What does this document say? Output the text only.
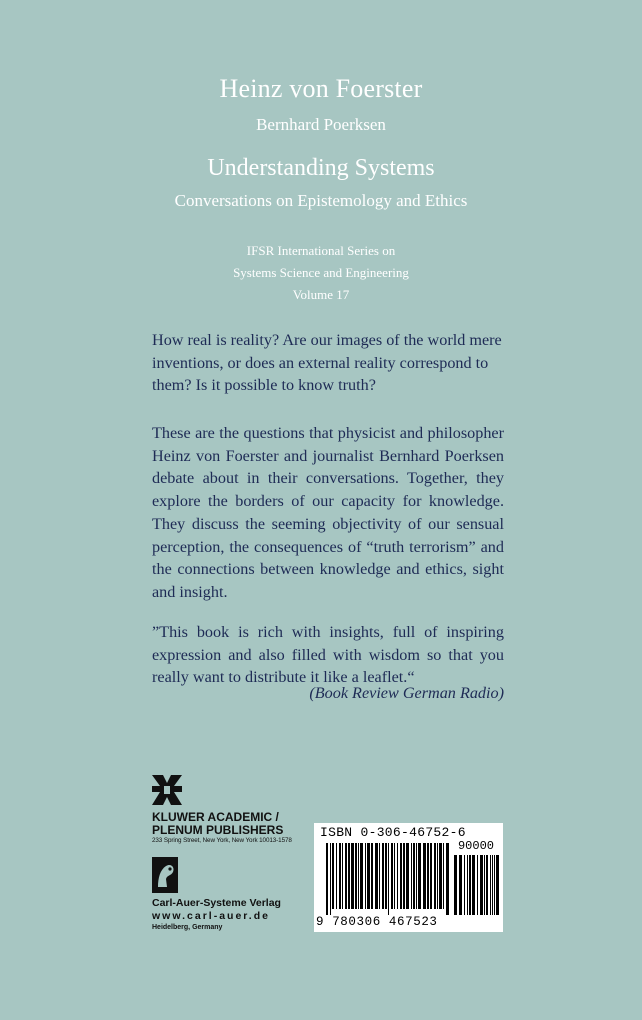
Heinz von Foerster
Bernhard Poerksen
Understanding Systems
Conversations on Epistemology and Ethics
IFSR International Series on
Systems Science and Engineering
Volume 17
How real is reality? Are our images of the world mere inventions, or does an external reality correspond to them? Is it possible to know truth?
These are the questions that physicist and philosopher Heinz von Foerster and journalist Bernhard Poerksen debate about in their conversations. Together, they explore the borders of our capacity for knowledge. They discuss the seeming objectivity of our sensual perception, the consequences of “truth terrorism” and the connections between knowledge and ethics, sight and insight.
”This book is rich with insights, full of inspiring expression and also filled with wisdom so that you really want to distribute it like a leaflet.“
(Book Review German Radio)
KLUWER ACADEMIC /
PLENUM PUBLISHERS
233 Spring Street, New York, New York 10013-1578
Carl-Auer-Systeme Verlag
www.carl-auer.de
Heidelberg, Germany
ISBN 0-306-46752-6
90000
9 780306 467523
